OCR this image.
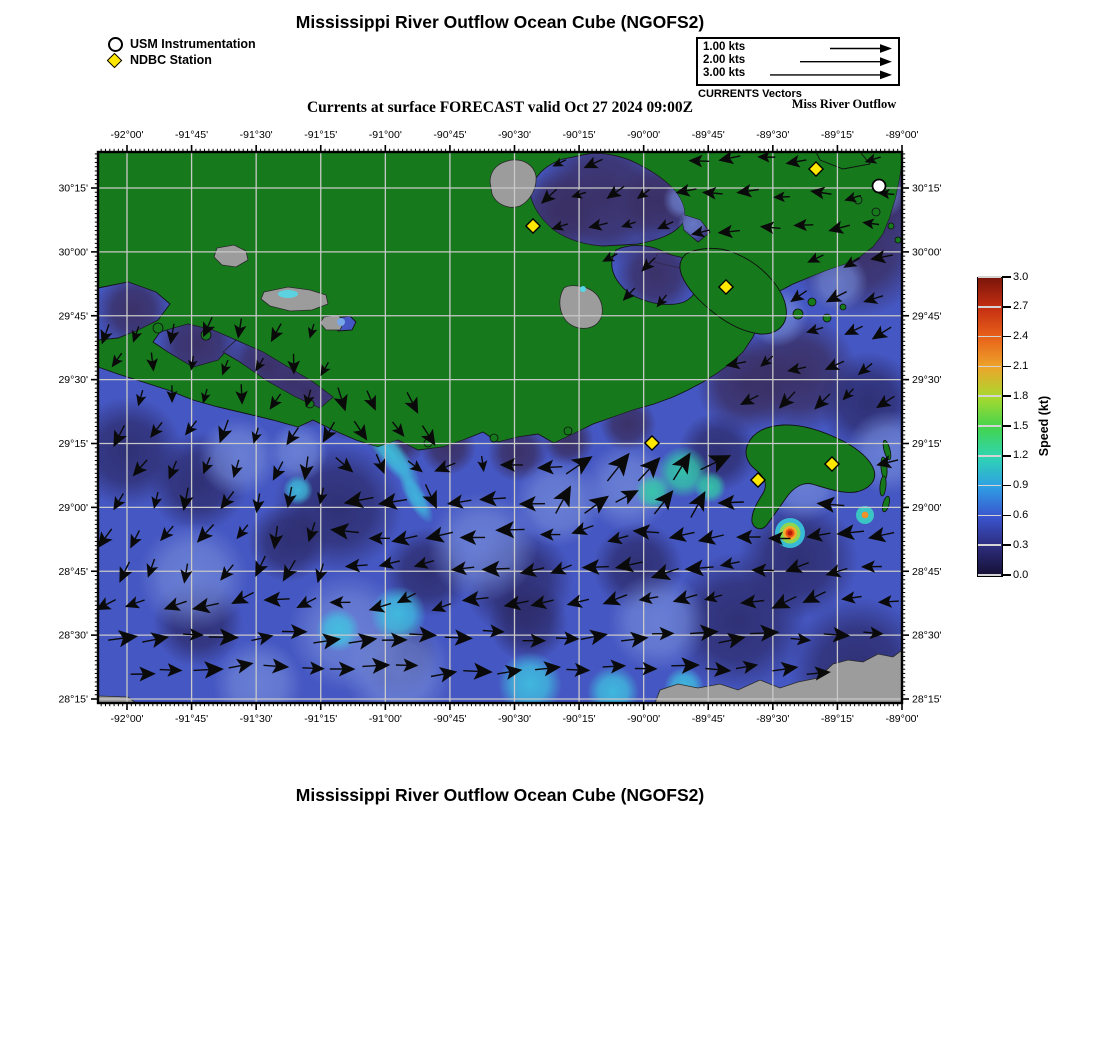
Mississippi River Outflow Ocean Cube (NGOFS2)
USM Instrumentation
NDBC Station
1.00 kts
2.00 kts
3.00 kts
CURRENTS Vectors
Miss River Outflow
Currents at surface FORECAST valid Oct 27 2024 09:00Z
-92°00'
-92°00'
-91°45'
-91°45'
-91°30'
-91°30'
-91°15'
-91°15'
-91°00'
-91°00'
-90°45'
-90°45'
-90°30'
-90°30'
-90°15'
-90°15'
-90°00'
-90°00'
-89°45'
-89°45'
-89°30'
-89°30'
-89°15'
-89°15'
-89°00'
-89°00'
30°15'	30°15'
30°00'	30°00'
29°45'	29°45'
29°30'	29°30'
29°15'	29°15'
29°00'	29°00'
28°45'	28°45'
28°30'	28°30'
28°15'	28°15'
Speed (kt)
3.0
2.7
2.4
2.1
1.8
1.5
1.2
0.9
0.6
0.3
0.0
Mississippi River Outflow Ocean Cube (NGOFS2)
